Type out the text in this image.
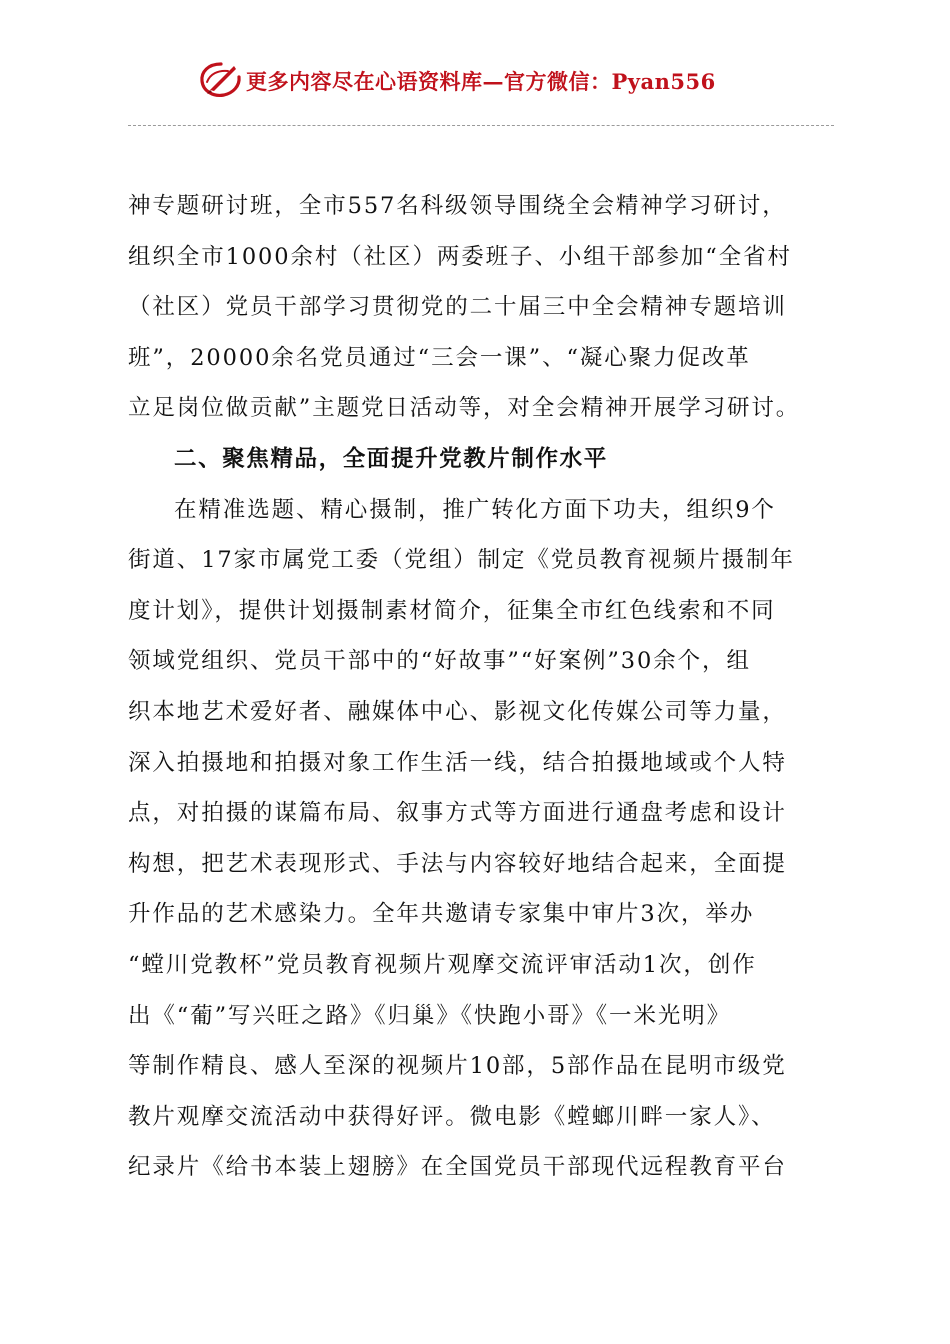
更多内容尽在心语资料库—官方微信：Pyan556
神专题研讨班，全市557名科级领导围绕全会精神学习研讨，
组织全市1000余村（社区）两委班子、小组干部参加“全省村
（社区）党员干部学习贯彻党的二十届三中全会精神专题培训
班”，20000余名党员通过“三会一课”、“凝心聚力促改革
立足岗位做贡献”主题党日活动等，对全会精神开展学习研讨。
二、聚焦精品，全面提升党教片制作水平
在精准选题、精心摄制，推广转化方面下功夫，组织9个
街道、17家市属党工委（党组）制定《党员教育视频片摄制年
度计划》，提供计划摄制素材简介，征集全市红色线索和不同
领域党组织、党员干部中的“好故事”“好案例”30余个，组
织本地艺术爱好者、融媒体中心、影视文化传媒公司等力量，
深入拍摄地和拍摄对象工作生活一线，结合拍摄地域或个人特
点，对拍摄的谋篇布局、叙事方式等方面进行通盘考虑和设计
构想，把艺术表现形式、手法与内容较好地结合起来，全面提
升作品的艺术感染力。全年共邀请专家集中审片3次，举办
“螳川党教杯”党员教育视频片观摩交流评审活动1次，创作
出《“葡”写兴旺之路》《归巢》《快跑小哥》《一米光明》
等制作精良、感人至深的视频片10部，5部作品在昆明市级党
教片观摩交流活动中获得好评。微电影《螳螂川畔一家人》、
纪录片《给书本装上翅膀》在全国党员干部现代远程教育平台
